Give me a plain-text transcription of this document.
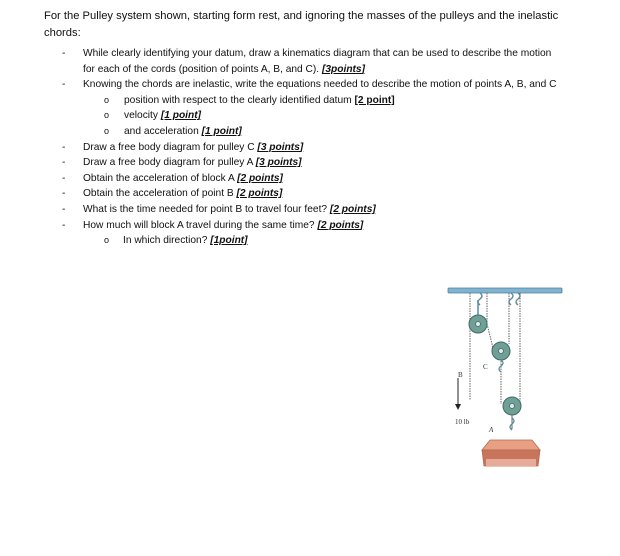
For the Pulley system shown, starting form rest, and ignoring the masses of the pulleys and the inelastic chords:
- While clearly identifying your datum, draw a kinematics diagram that can be used to describe the motion for each of the cords (position of points A, B, and C). [3points]
- Knowing the chords are inelastic, write the equations needed to describe the motion of points A, B, and C
o position with respect to the clearly identified datum [2 point]
o velocity [1 point]
o and acceleration [1 point]
- Draw a free body diagram for pulley C [3 points]
- Draw a free body diagram for pulley A [3 points]
- Obtain the acceleration of block A [2 points]
- Obtain the acceleration of point B [2 points]
- What is the time needed for point B to travel four feet? [2 points]
- How much will block A travel during the same time? [2 points]
o In which direction? [1point]
B
C
A
10 lb
